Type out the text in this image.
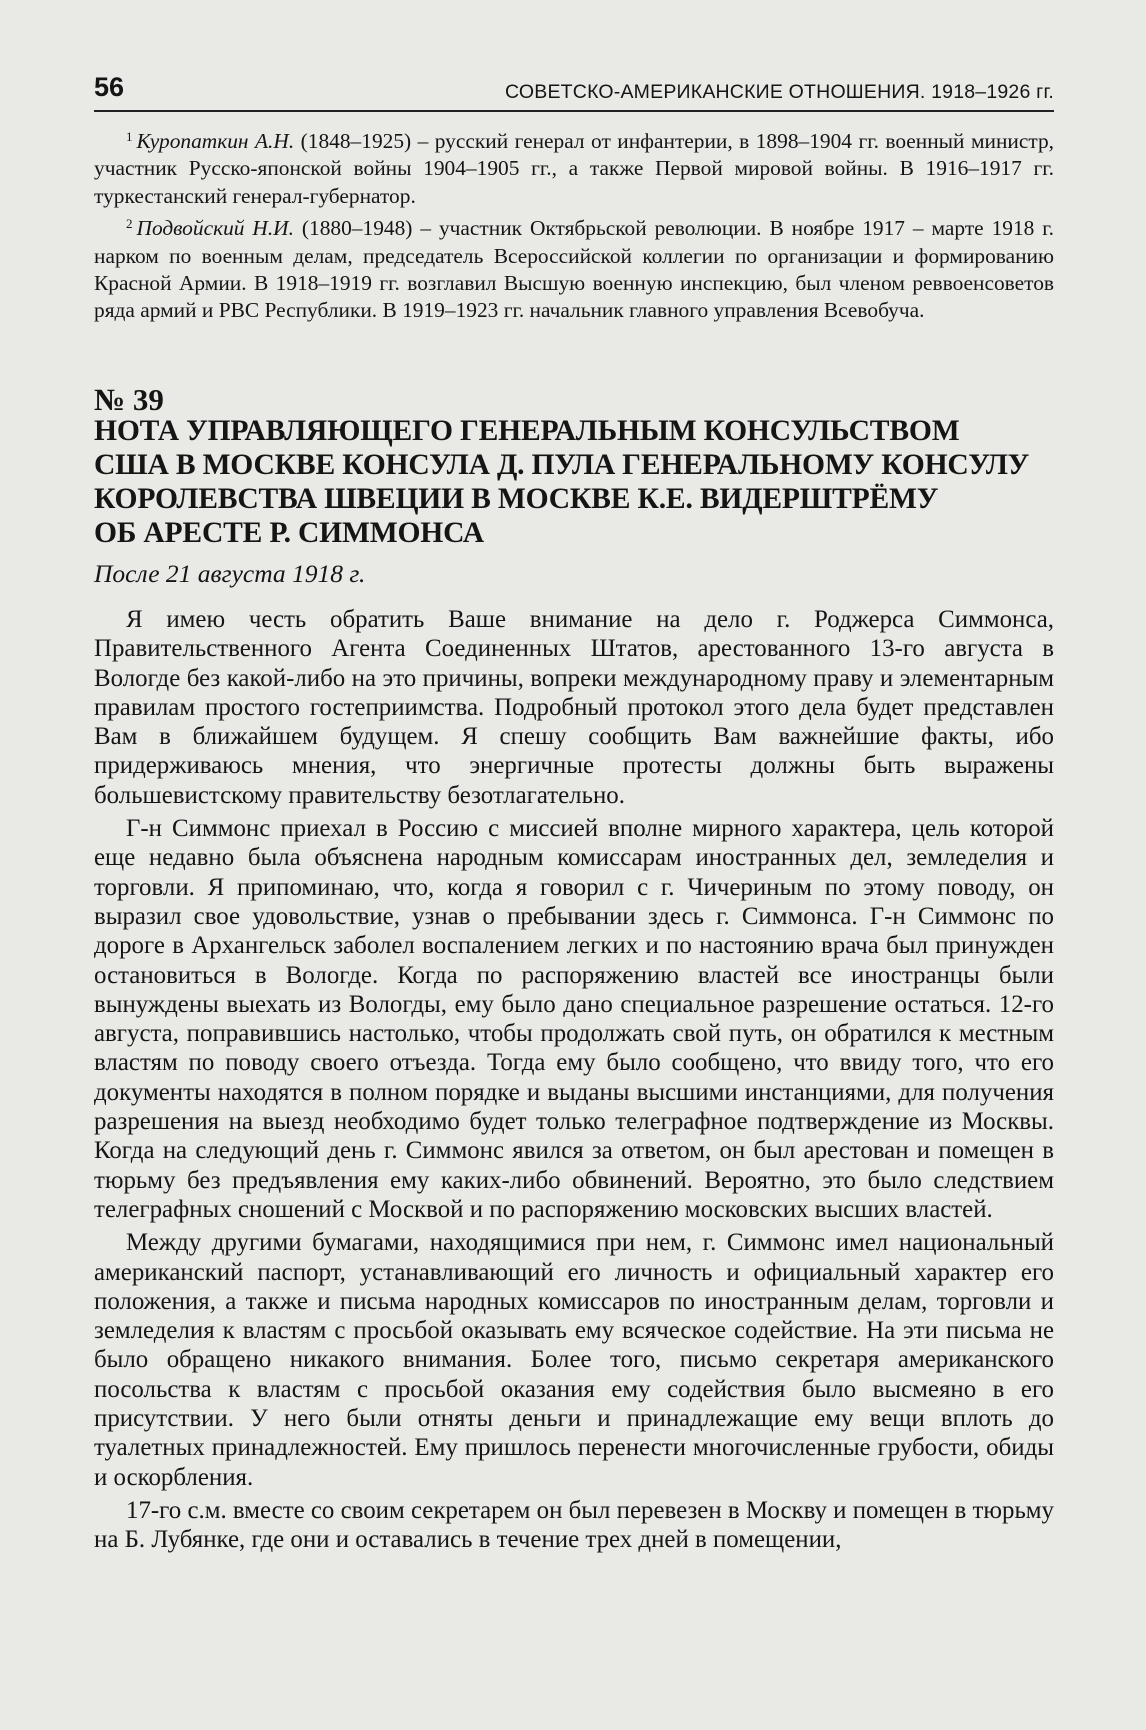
56	СОВЕТСКО-АМЕРИКАНСКИЕ ОТНОШЕНИЯ. 1918–1926 гг.

$^1$ Куропаткин А.Н. (1848–1925) – русский генерал от инфантерии, в 1898–1904 гг. военный министр, участник Русско-японской войны 1904–1905 гг., а также Первой мировой войны. В 1916–1917 гг. туркестанский генерал-губернатор.

$^2$ Подвойский Н.И. (1880–1948) – участник Октябрьской революции. В ноябре 1917 – марте 1918 г. нарком по военным делам, председатель Всероссийской коллегии по организации и формированию Красной Армии. В 1918–1919 гг. возглавил Высшую военную инспекцию, был членом реввоенсоветов ряда армий и РВС Республики. В 1919–1923 гг. начальник главного управления Всевобуча.

№ 39
НОТА УПРАВЛЯЮЩЕГО ГЕНЕРАЛЬНЫМ КОНСУЛЬСТВОМ
США В МОСКВЕ КОНСУЛА Д. ПУЛА ГЕНЕРАЛЬНОМУ КОНСУЛУ
КОРОЛЕВСТВА ШВЕЦИИ В МОСКВЕ К.Е. ВИДЕРШТРЁМУ
ОБ АРЕСТЕ Р. СИММОНСА
После 21 августа 1918 г.

Я имею честь обратить Ваше внимание на дело г. Роджерса Симмонса, Правительственного Агента Соединенных Штатов, арестованного 13-го августа в Вологде без какой-либо на это причины, вопреки международному праву и элементарным правилам простого гостеприимства. Подробный протокол этого дела будет представлен Вам в ближайшем будущем. Я спешу сообщить Вам важнейшие факты, ибо придерживаюсь мнения, что энергичные протесты должны быть выражены большевистскому правительству безотлагательно.

Г-н Симмонс приехал в Россию с миссией вполне мирного характера, цель которой еще недавно была объяснена народным комиссарам иностранных дел, земледелия и торговли. Я припоминаю, что, когда я говорил с г. Чичериным по этому поводу, он выразил свое удовольствие, узнав о пребывании здесь г. Симмонса. Г-н Симмонс по дороге в Архангельск заболел воспалением легких и по настоянию врача был принужден остановиться в Вологде. Когда по распоряжению властей все иностранцы были вынуждены выехать из Вологды, ему было дано специальное разрешение остаться. 12-го августа, поправившись настолько, чтобы продолжать свой путь, он обратился к местным властям по поводу своего отъезда. Тогда ему было сообщено, что ввиду того, что его документы находятся в полном порядке и выданы высшими инстанциями, для получения разрешения на выезд необходимо будет только телеграфное подтверждение из Москвы. Когда на следующий день г. Симмонс явился за ответом, он был арестован и помещен в тюрьму без предъявления ему каких-либо обвинений. Вероятно, это было следствием телеграфных сношений с Москвой и по распоряжению московских высших властей.

Между другими бумагами, находящимися при нем, г. Симмонс имел национальный американский паспорт, устанавливающий его личность и официальный характер его положения, а также и письма народных комиссаров по иностранным делам, торговли и земледелия к властям с просьбой оказывать ему всяческое содействие. На эти письма не было обращено никакого внимания. Более того, письмо секретаря американского посольства к властям с просьбой оказания ему содействия было высмеяно в его присутствии. У него были отняты деньги и принадлежащие ему вещи вплоть до туалетных принадлежностей. Ему пришлось перенести многочисленные грубости, обиды и оскорбления.

17-го с.м. вместе со своим секретарем он был перевезен в Москву и помещен в тюрьму на Б. Лубянке, где они и оставались в течение трех дней в помещении,
